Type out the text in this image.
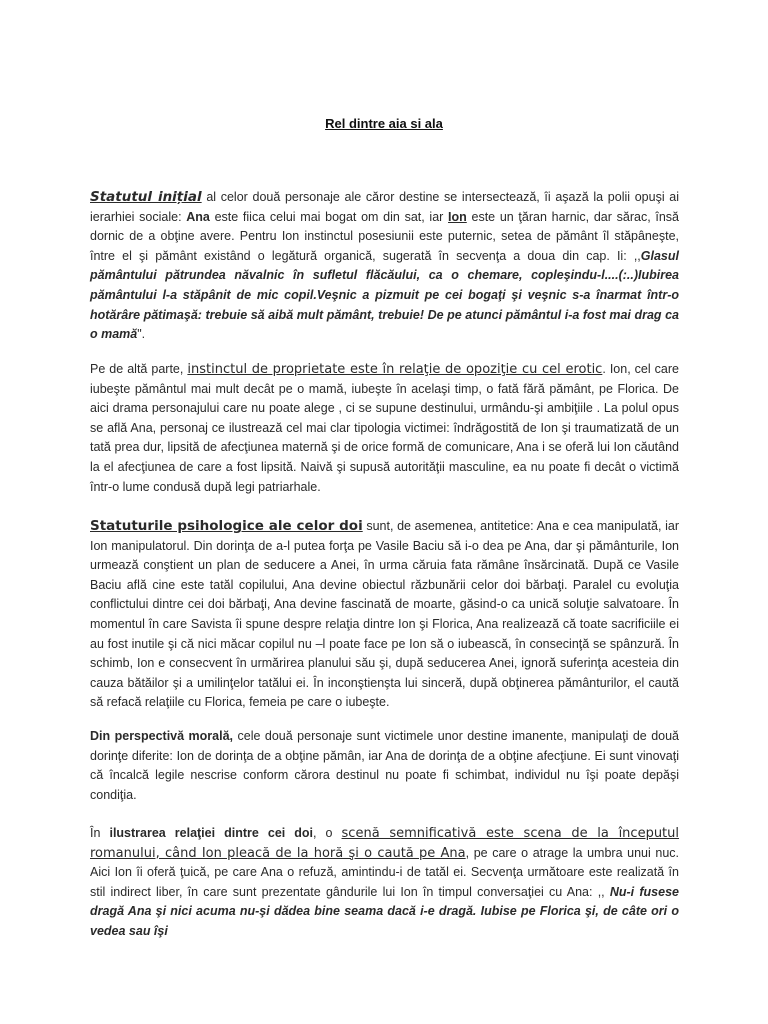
Rel dintre aia si ala

Statutul inițial al celor două personaje ale căror destine se intersectează, îi aşază la polii opuşi ai ierarhiei sociale: Ana este fiica celui mai bogat om din sat, iar Ion este un ţăran harnic, dar sărac, însă dornic de a obţine avere. Pentru Ion instinctul posesiunii este puternic, setea de pământ îl stăpâneşte, între el şi pământ existând o legătură organică, sugerată în secvenţa a doua din cap. Ii: ,,Glasul pământului pătrundea năvalnic în sufletul flăcăului, ca o chemare, copleşindu-l....(:..)Iubirea pământului l-a stăpânit de mic copil.Veşnic a pizmuit pe cei bogaţi şi veşnic s-a înarmat într-o hotărâre pătimaşă: trebuie să aibă mult pământ, trebuie! De pe atunci pământul i-a fost mai drag ca o mamă".

Pe de altă parte, instinctul de proprietate este în relaţie de opoziţie cu cel erotic. Ion, cel care iubeşte pământul mai mult decât pe o mamă, iubeşte în acelaşi timp, o fată fără pământ, pe Florica. De aici drama personajului care nu poate alege , ci se supune destinului, urmându-şi ambiţiile . La polul opus se află Ana, personaj ce ilustrează cel mai clar tipologia victimei: îndrăgostită de Ion şi traumatizată de un tată prea dur, lipsită de afecţiunea maternă şi de orice formă de comunicare, Ana i se oferă lui Ion căutând la el afecţiunea de care a fost lipsită. Naivă şi supusă autorităţii masculine, ea nu poate fi decât o victimă într-o lume condusă după legi patriarhale.

Statuturile psihologice ale celor doi sunt, de asemenea, antitetice: Ana e cea manipulată, iar Ion manipulatorul. Din dorinţa de a-l putea forţa pe Vasile Baciu să i-o dea pe Ana, dar şi pământurile, Ion urmează conştient un plan de seducere a Anei, în urma căruia fata rămâne însărcinată. După ce Vasile Baciu află cine este tatăl copilului, Ana devine obiectul răzbunării celor doi bărbaţi. Paralel cu evoluţia conflictului dintre cei doi bărbaţi, Ana devine fascinată de moarte, găsind-o ca unică soluţie salvatoare. În momentul în care Savista îi spune despre relaţia dintre Ion şi Florica, Ana realizează că toate sacrificiile ei au fost inutile şi că nici măcar copilul nu –l poate face pe Ion să o iubească, în consecinţă se spânzură. În schimb, Ion e consecvent în urmărirea planului său şi, după seducerea Anei, ignoră suferinţa acesteia din cauza bătăilor şi a umilinţelor tatălui ei. În inconştienşta lui sinceră, după obţinerea pământurilor, el caută să refacă relaţiile cu Florica, femeia pe care o iubeşte.

Din perspectivă morală, cele două personaje sunt victimele unor destine imanente, manipulaţi de două dorinţe diferite: Ion de dorinţa de a obţine pămân, iar Ana de dorinţa de a obţine afecţiune. Ei sunt vinovaţi că încalcă legile nescrise conform cărora destinul nu poate fi schimbat, individul nu îşi poate depăşi condiţia.

În ilustrarea relaţiei dintre cei doi, o scenă semnificativă este scena de la începutul romanului, când Ion pleacă de la horă şi o caută pe Ana, pe care o atrage la umbra unui nuc. Aici Ion îi oferă ţuică, pe care Ana o refuză, amintindu-i de tatăl ei. Secvenţa următoare este realizată în stil indirect liber, în care sunt prezentate gândurile lui Ion în timpul conversaţiei cu Ana: ,, Nu-i fusese dragă Ana şi nici acuma nu-şi dădea bine seama dacă i-e dragă. Iubise pe Florica şi, de câte ori o vedea sau îşi
